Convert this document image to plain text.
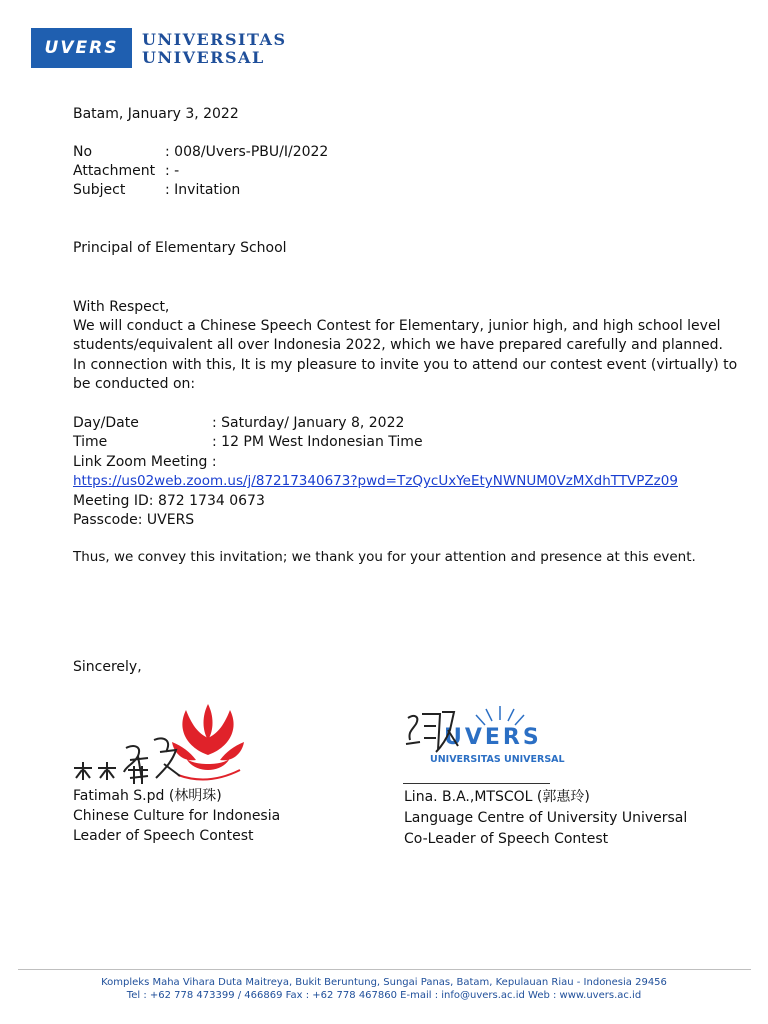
UVERS	UNIVERSITAS
UNIVERSAL
Batam, January 3, 2022
No	: 008/Uvers-PBU/I/2022
Attachment : -
Subject	: Invitation
Principal of Elementary School
With Respect,
We will conduct a Chinese Speech Contest for Elementary, junior high, and high school level
students/equivalent all over Indonesia 2022, which we have prepared carefully and planned.
In connection with this, It is my pleasure to invite you to attend our contest event (virtually) to
be conducted on:
Day/Date	: Saturday/ January 8, 2022
Time	: 12 PM West Indonesian Time
Link Zoom Meeting :
https://us02web.zoom.us/j/87217340673?pwd=TzQycUxYeEtyNWNUM0VzMXdhTTVPZz09
Meeting ID: 872 1734 0673
Passcode: UVERS
Thus, we convey this invitation; we thank you for your attention and presence at this event.
Sincerely,
Fatimah S.pd (林明珠)
Chinese Culture for Indonesia
Leader of Speech Contest
UVERS
UNIVERSITAS UNIVERSAL
Lina. B.A.,MTSCOL (郭惠玲)
Language Centre of University Universal
Co-Leader of Speech Contest
Kompleks Maha Vihara Duta Maitreya, Bukit Beruntung, Sungai Panas, Batam, Kepulauan Riau - Indonesia 29456
Tel : +62 778 473399 / 466869 Fax : +62 778 467860 E-mail : info@uvers.ac.id Web : www.uvers.ac.id
